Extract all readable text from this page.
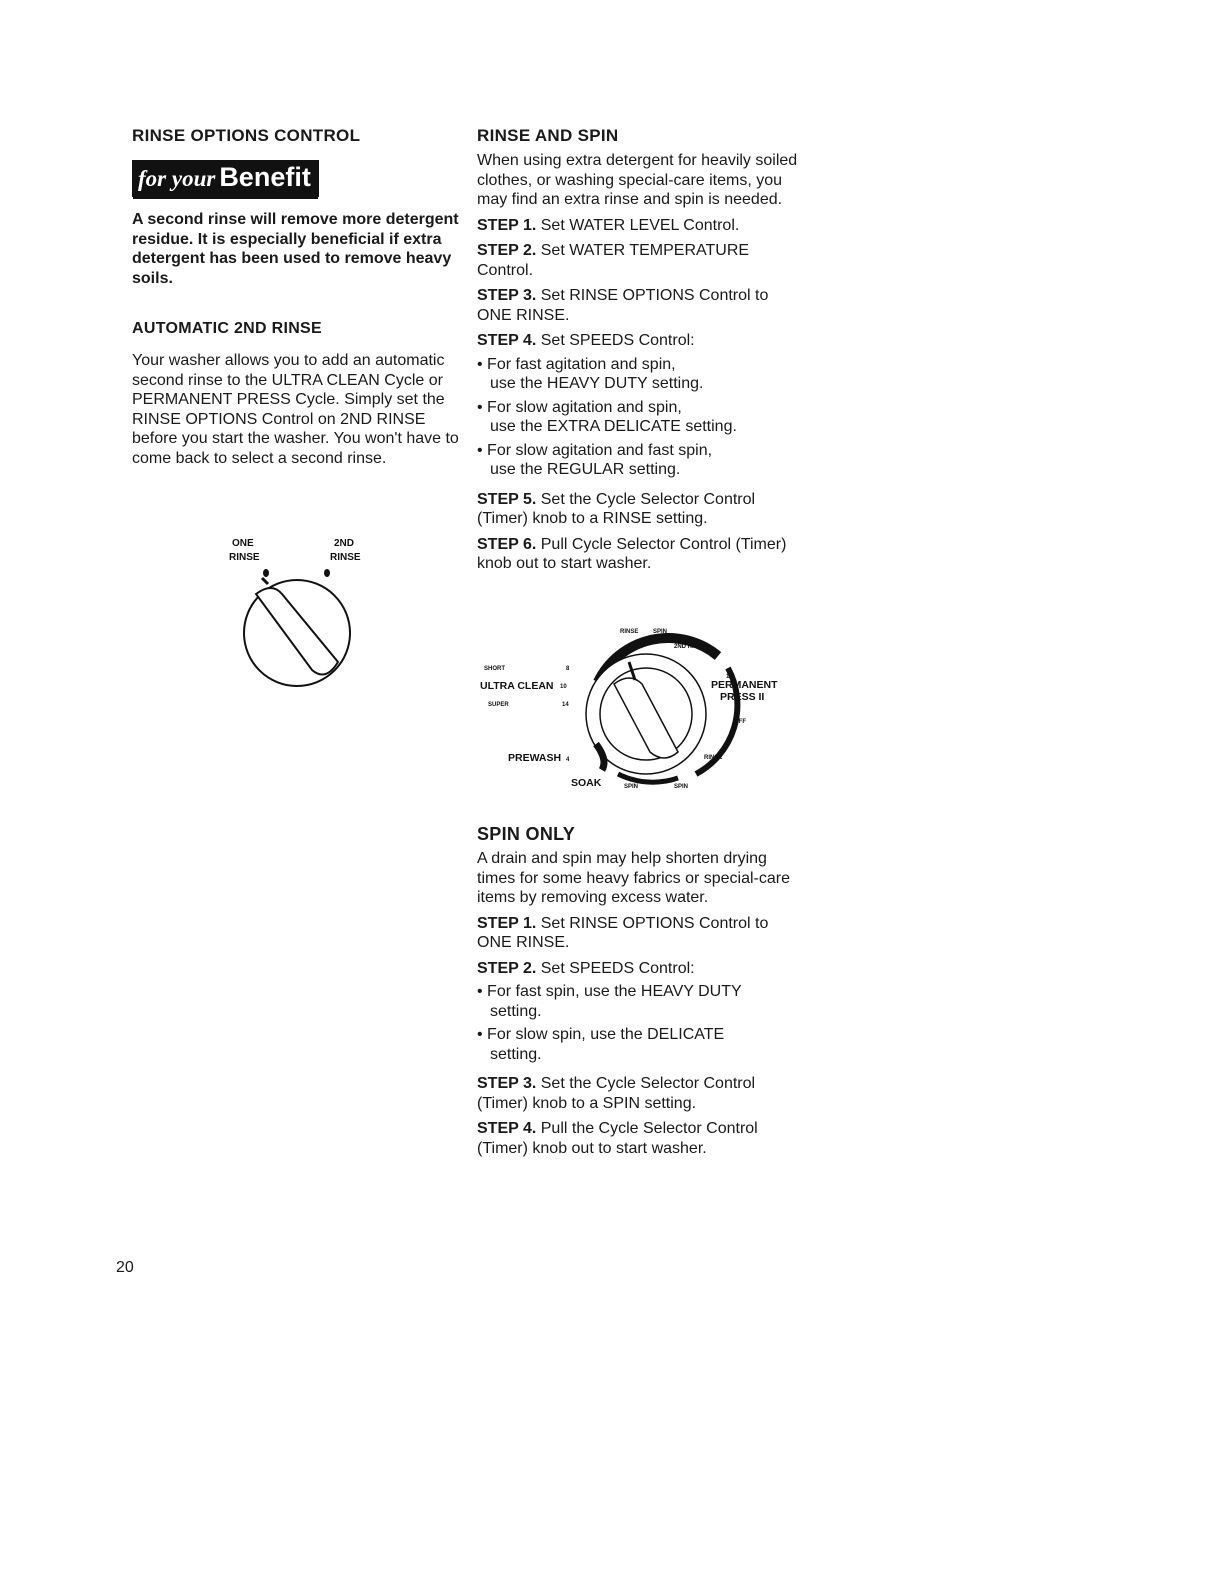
RINSE OPTIONS CONTROL
for your Benefit

A second rinse will remove more detergent residue. It is especially beneficial if extra detergent has been used to remove heavy soils.

AUTOMATIC 2ND RINSE

Your washer allows you to add an automatic second rinse to the ULTRA CLEAN Cycle or PERMANENT PRESS Cycle. Simply set the RINSE OPTIONS Control on 2ND RINSE before you start the washer. You won't have to come back to select a second rinse.

ONE
RINSE
2ND
RINSE
RINSE AND SPIN

When using extra detergent for heavily soiled clothes, or washing special-care items, you may find an extra rinse and spin is needed.

STEP 1. Set WATER LEVEL Control.

STEP 2. Set WATER TEMPERATURE Control.

STEP 3. Set RINSE OPTIONS Control to ONE RINSE.

STEP 4. Set SPEEDS Control:

• For fast agitation and spin,
use the HEAVY DUTY setting.

• For slow agitation and spin,
use the EXTRA DELICATE setting.

• For slow agitation and fast spin,
use the REGULAR setting.

STEP 5. Set the Cycle Selector Control (Timer) knob to a RINSE setting.

STEP 6. Pull Cycle Selector Control (Timer) knob out to start washer.

ULTRA CLEAN	PERMANENT
PRESS II
PREWASH
SOAK
SHORT
SUPER
2ND RINSE
RINSE SPIN
OFF
RINSE
SPIN	SPIN
8
10
14
4
10
SPIN ONLY

A drain and spin may help shorten drying times for some heavy fabrics or special-care items by removing excess water.

STEP 1. Set RINSE OPTIONS Control to ONE RINSE.

STEP 2. Set SPEEDS Control:

• For fast spin, use the HEAVY DUTY
setting.

• For slow spin, use the DELICATE
setting.

STEP 3. Set the Cycle Selector Control (Timer) knob to a SPIN setting.

STEP 4. Pull the Cycle Selector Control (Timer) knob out to start washer.

20
